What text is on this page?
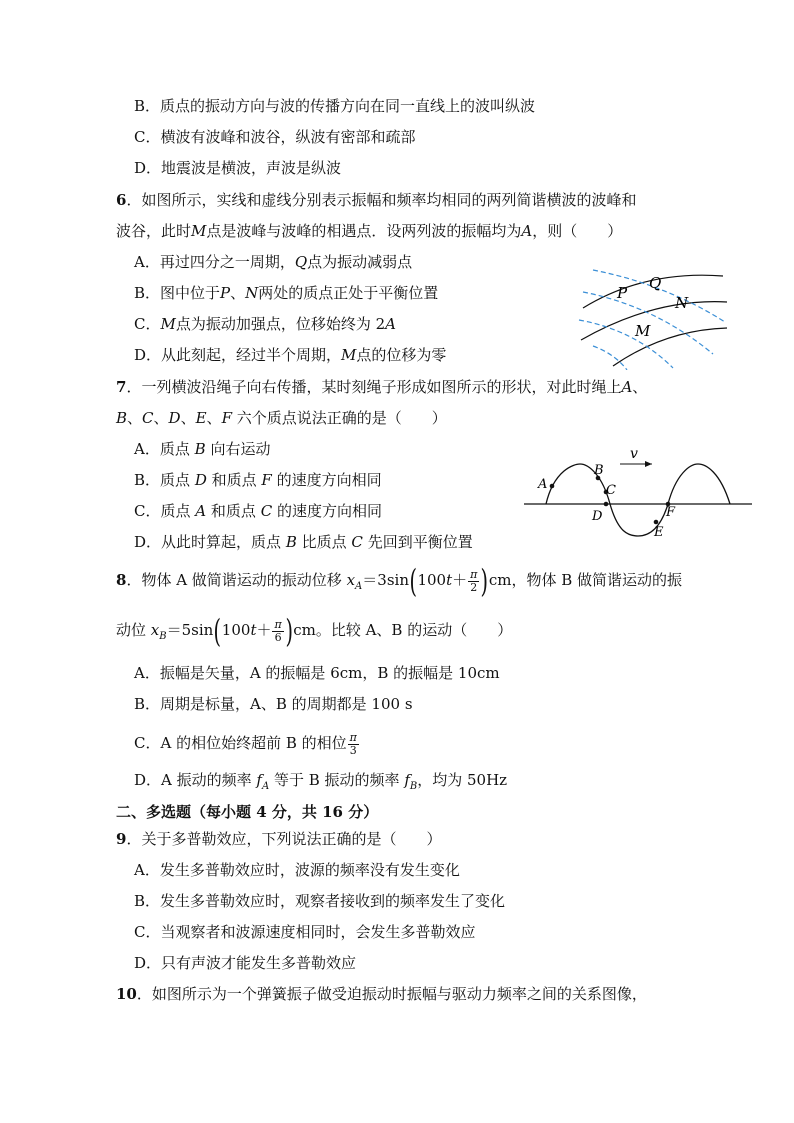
B．质点的振动方向与波的传播方向在同一直线上的波叫纵波
C．横波有波峰和波谷，纵波有密部和疏部
D．地震波是横波，声波是纵波
6．如图所示，实线和虚线分别表示振幅和频率均相同的两列简谐横波的波峰和
波谷，此时M点是波峰与波峰的相遇点．设两列波的振幅均为A，则（　　）
A．再过四分之一周期，Q点为振动减弱点
B．图中位于P、N两处的质点正处于平衡位置
C．M点为振动加强点，位移始终为 2A
D．从此刻起，经过半个周期，M点的位移为零
P
Q
N
M
7．一列横波沿绳子向右传播，某时刻绳子形成如图所示的形状，对此时绳上A、
B、C、D、E、F 六个质点说法正确的是（　　）
A．质点 B 向右运动
B．质点 D 和质点 F 的速度方向相同
C．质点 A 和质点 C 的速度方向相同
D．从此时算起，质点 B 比质点 C 先回到平衡位置
v
A
B
C
D
E
F
8．物体 A 做简谐运动的振动位移 $x_A=3\sin(100t+ \frac{\pi}{2} )cm$，物体 B 做简谐运动的振
动位 $x_B=5\sin(100t+ \frac{\pi}{6} )cm$。比较 A、B 的运动（　　）
A．振幅是矢量，A 的振幅是 6cm，B 的振幅是 10cm
B．周期是标量，A、B 的周期都是 100 s
C．A 的相位始终超前 B 的相位 $\frac{\pi}{3}$
D．A 振动的频率 $f_A$ 等于 B 振动的频率 $f_B$，均为 50Hz
二、多选题（每小题 4 分，共 16 分）
9．关于多普勒效应，下列说法正确的是（　　）
A．发生多普勒效应时，波源的频率没有发生变化
B．发生多普勒效应时，观察者接收到的频率发生了变化
C．当观察者和波源速度相同时，会发生多普勒效应
D．只有声波才能发生多普勒效应
10．如图所示为一个弹簧振子做受迫振动时振幅与驱动力频率之间的关系图像，
